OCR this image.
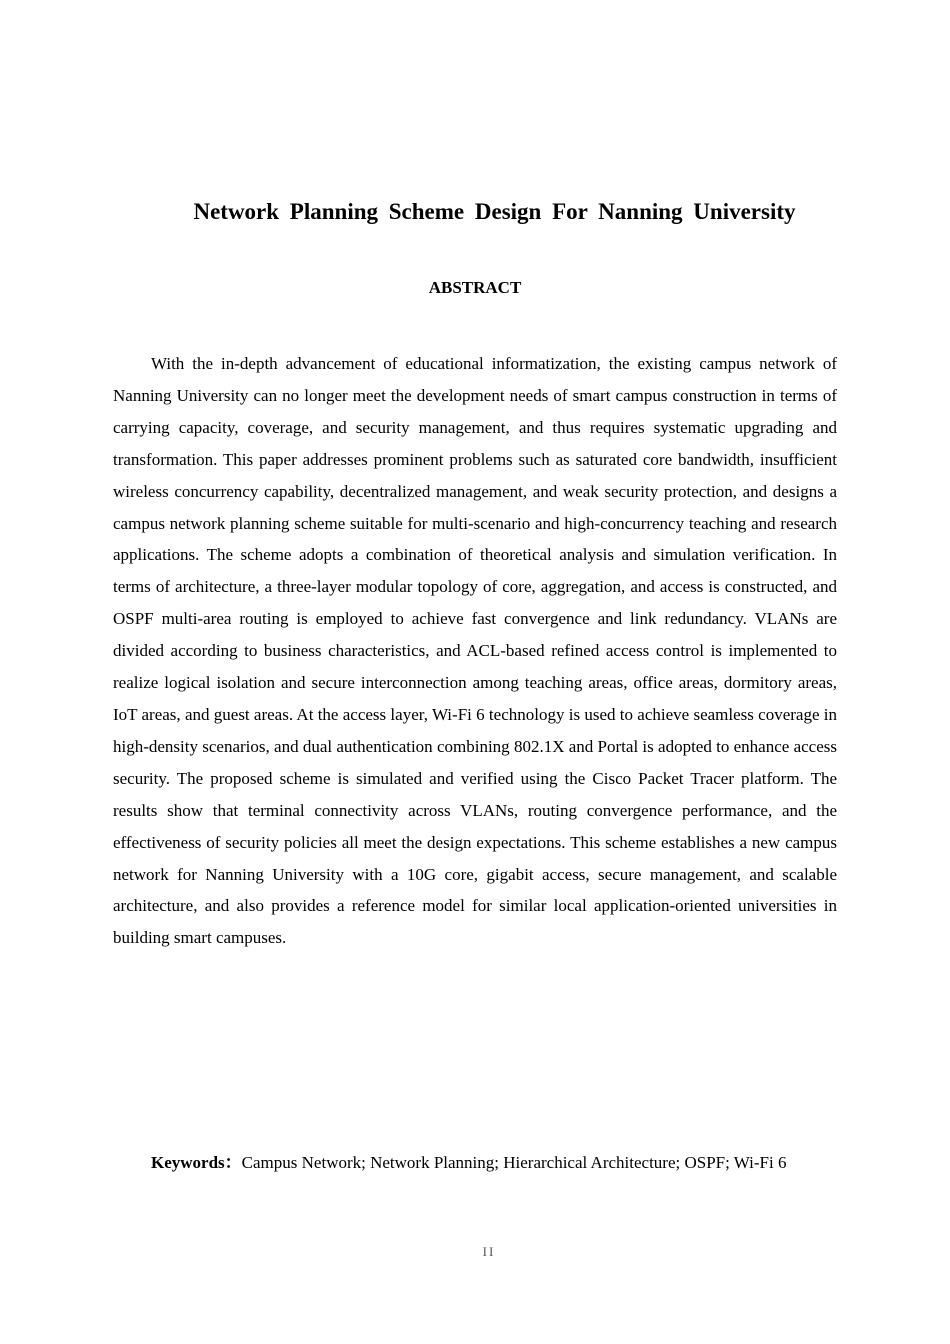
Network Planning Scheme Design For Nanning University
ABSTRACT

With the in-depth advancement of educational informatization, the existing campus network of Nanning University can no longer meet the development needs of smart campus construction in terms of carrying capacity, coverage, and security management, and thus requires systematic upgrading and transformation. This paper addresses prominent problems such as saturated core bandwidth, insufficient wireless concurrency capability, decentralized management, and weak security protection, and designs a campus network planning scheme suitable for multi-scenario and high-concurrency teaching and research applications. The scheme adopts a combination of theoretical analysis and simulation verification. In terms of architecture, a three-layer modular topology of core, aggregation, and access is constructed, and OSPF multi-area routing is employed to achieve fast convergence and link redundancy. VLANs are divided according to business characteristics, and ACL-based refined access control is implemented to realize logical isolation and secure interconnection among teaching areas, office areas, dormitory areas, IoT areas, and guest areas. At the access layer, Wi-Fi 6 technology is used to achieve seamless coverage in high-density scenarios, and dual authentication combining 802.1X and Portal is adopted to enhance access security. The proposed scheme is simulated and verified using the Cisco Packet Tracer platform. The results show that terminal connectivity across VLANs, routing convergence performance, and the effectiveness of security policies all meet the design expectations. This scheme establishes a new campus network for Nanning University with a 10G core, gigabit access, secure management, and scalable architecture, and also provides a reference model for similar local application-oriented universities in building smart campuses.

Keywords：Campus Network; Network Planning; Hierarchical Architecture; OSPF; Wi-Fi 6

II
